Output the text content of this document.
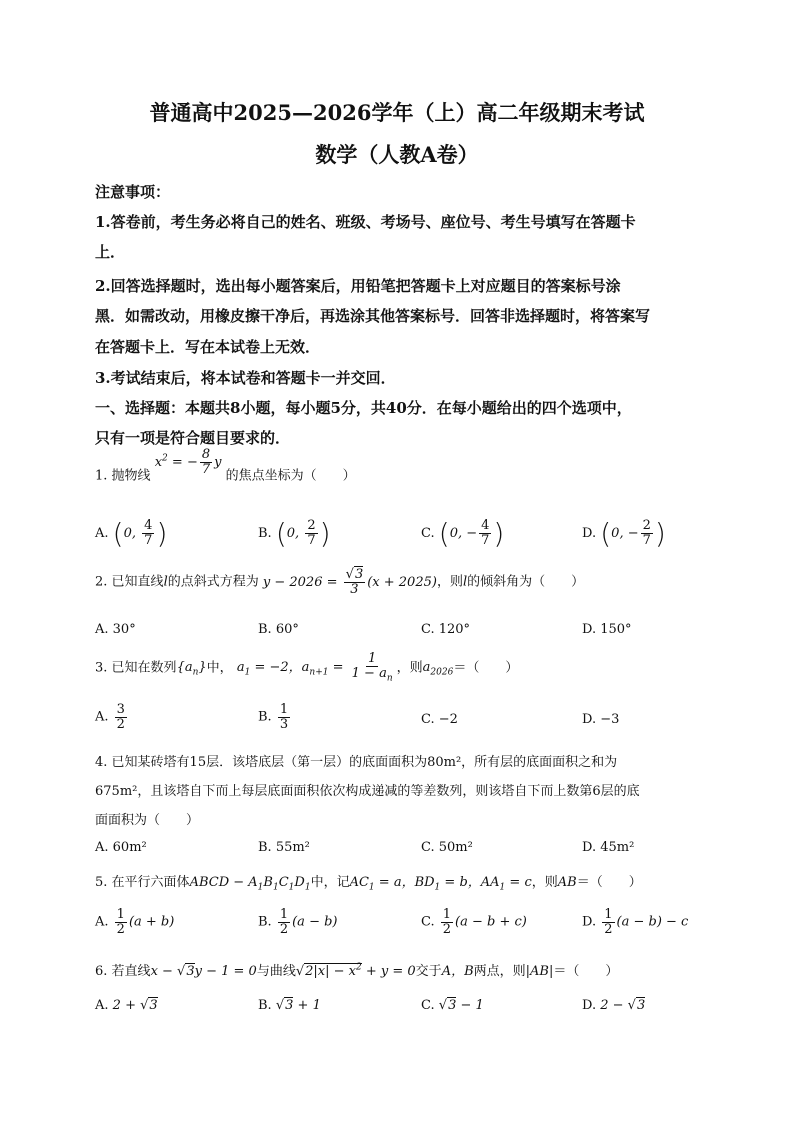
普通高中2025—2026学年（上）高二年级期末考试
数学（人教A卷）
注意事项：
1.答卷前，考生务必将自己的姓名、班级、考场号、座位号、考生号填写在答题卡
上．
2.回答选择题时，选出每小题答案后，用铅笔把答题卡上对应题目的答案标号涂
黑．如需改动，用橡皮擦干净后，再选涂其他答案标号．回答非选择题时，将答案写
在答题卡上．写在本试卷上无效．
3.考试结束后，将本试卷和答题卡一并交回．
一、选择题：本题共8小题，每小题5分，共40分．在每小题给出的四个选项中，
只有一项是符合题目要求的．
1. 抛物线 $x^2$ = − $\frac{8}{7}$ y 的焦点坐标为（　　）
A. (0, $\frac{4}{7}$ )	B. (0, $\frac{2}{7}$ )	C. (0, − $\frac{4}{7}$ )	D. (0, − $\frac{2}{7}$ )
2. 已知直线l的点斜式方程为 $y - 2026 = \frac{√3}{3} (x + 2025)$，则l的倾斜角为（　　）
A. 30°	B. 60°	C. 120°	D. 150°
3. 已知在数列$\{a_n\}$中， $a_1 = -2$，$a_{n+1} = \frac{1}{1 - a_n}$ ，则$a_{2026}=$（　　）
A. $\frac{3}{2}$	B. $\frac{1}{3}$	C. −2	D. −3
4. 已知某砖塔有15层．该塔底层（第一层）的底面面积为80m²，所有层的底面面积之和为
675m²，且该塔自下而上每层底面面积依次构成递减的等差数列，则该塔自下而上数第6层的底
面面积为（　　）
A. 60m²	B. 55m²	C. 50m²	D. 45m²
5. 在平行六面体ABCD − $A_1B_1C_1D_1$中，记$AC_1 = a$，$BD_1 = b$，$AA_1 = c$，则AB＝（　　）
A. $\frac{1}{2} (a + b)$	B. $\frac{1}{2} (a - b)$	C. $\frac{1}{2} (a - b + c)$	D. $\frac{1}{2} (a - b) - c$
6. 若直线x − √3y − 1 = 0与曲线$√2|x| - x^2 + y = 0$交于A，B两点，则|AB|＝（　　）
A. 2 + √3	B. √3 + 1	C. √3 − 1	D. 2 − √3
